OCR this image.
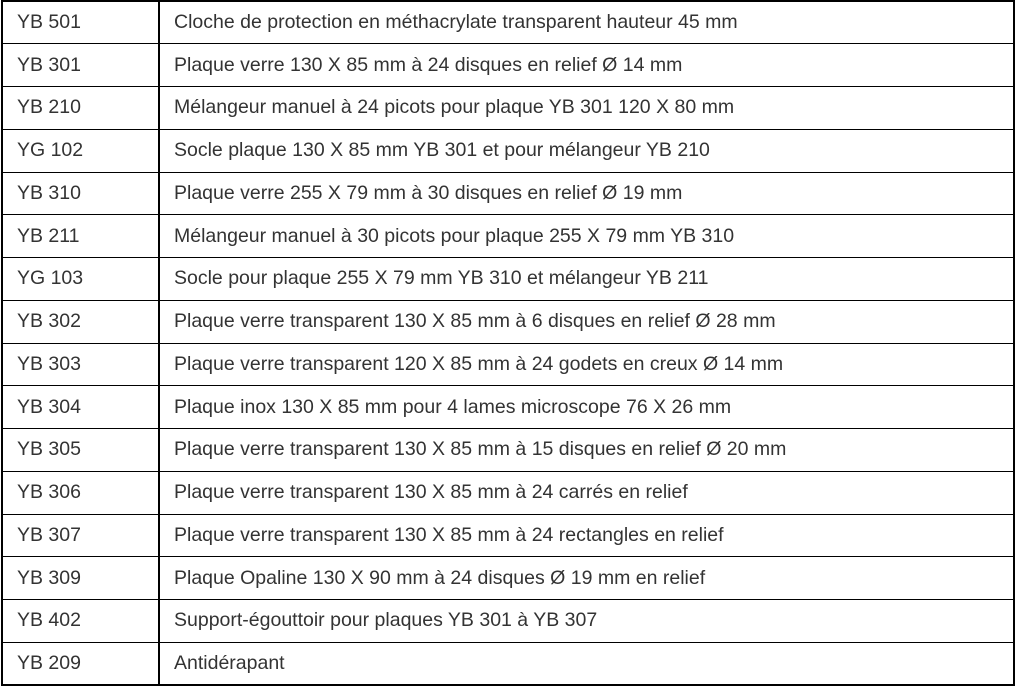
YB 501	Cloche de protection en méthacrylate transparent hauteur 45 mm
YB 301	Plaque verre 130 X 85 mm à 24 disques en relief Ø 14 mm
YB 210	Mélangeur manuel à 24 picots pour plaque YB 301 120 X 80 mm
YG 102	Socle plaque 130 X 85 mm YB 301 et pour mélangeur YB 210
YB 310	Plaque verre 255 X 79 mm à 30 disques en relief Ø 19 mm
YB 211	Mélangeur manuel à 30 picots pour plaque 255 X 79 mm YB 310
YG 103	Socle pour plaque 255 X 79 mm YB 310 et mélangeur YB 211
YB 302	Plaque verre transparent 130 X 85 mm à 6 disques en relief Ø 28 mm
YB 303	Plaque verre transparent 120 X 85 mm à 24 godets en creux Ø 14 mm
YB 304	Plaque inox 130 X 85 mm pour 4 lames microscope 76 X 26 mm
YB 305	Plaque verre transparent 130 X 85 mm à 15 disques en relief Ø 20 mm
YB 306	Plaque verre transparent 130 X 85 mm à 24 carrés en relief
YB 307	Plaque verre transparent 130 X 85 mm à 24 rectangles en relief
YB 309	Plaque Opaline 130 X 90 mm à 24 disques Ø 19 mm en relief
YB 402	Support-égouttoir pour plaques YB 301 à YB 307
YB 209	Antidérapant
